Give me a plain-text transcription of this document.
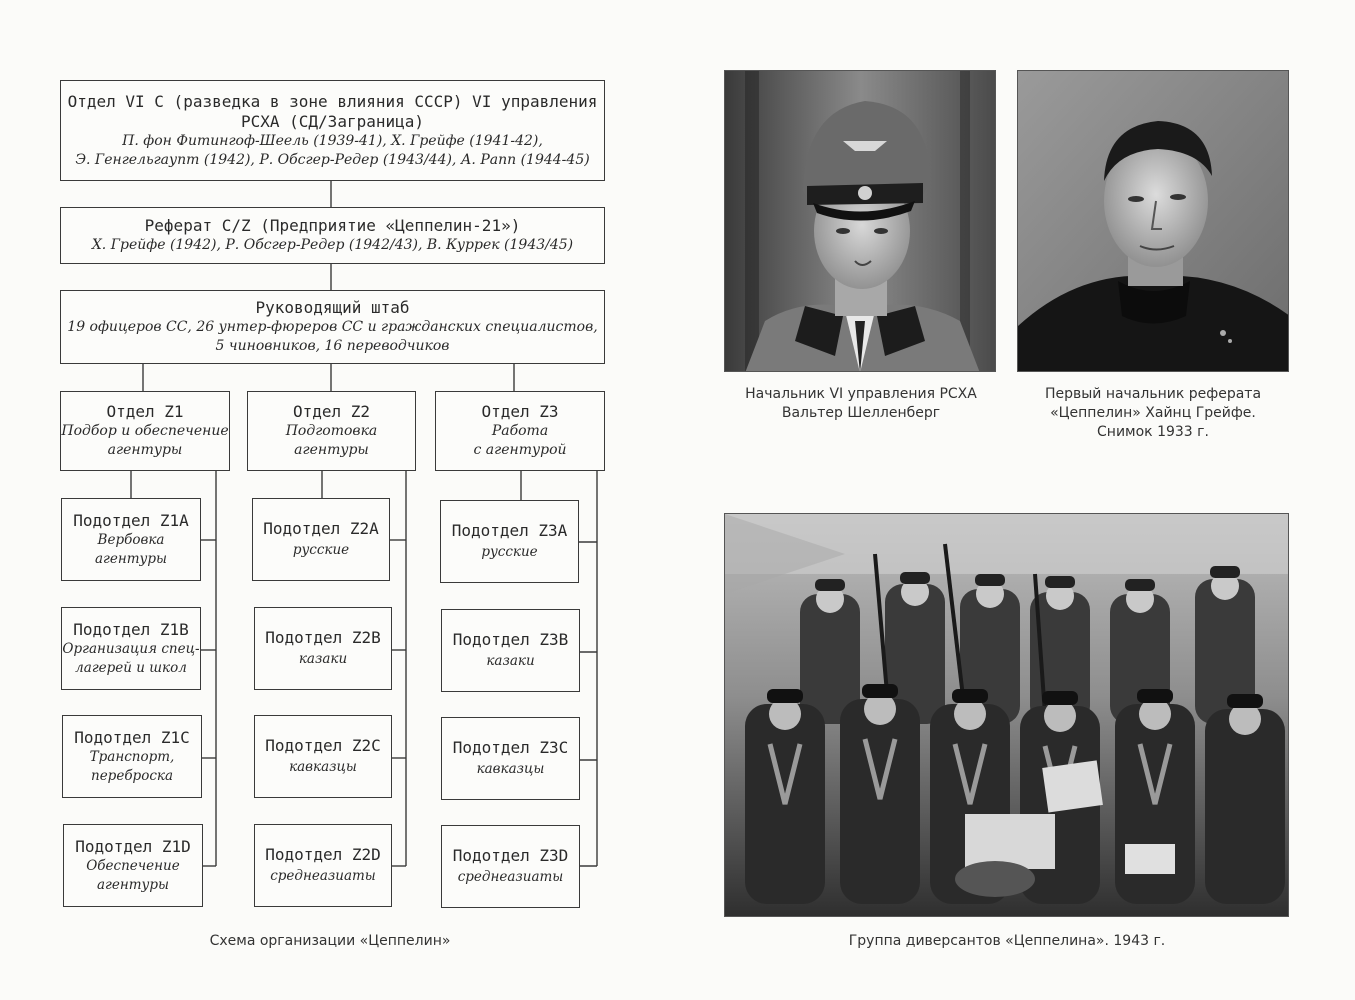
Отдел VI C (разведка в зоне влияния СССР) VI управления
РСХА (СД/Заграница)
П. фон Фитингоф-Шеель (1939-41), Х. Грейфе (1941-42),
Э. Генгельгаупт (1942), Р. Обсгер-Редер (1943/44), А. Рапп (1944-45)
Реферат C/Z (Предприятие «Цеппелин-21»)
Х. Грейфе (1942), Р. Обсгер-Редер (1942/43), В. Куррек (1943/45)
Руководящий штаб
19 офицеров СС, 26 унтер-фюреров СС и гражданских специалистов,
5 чиновников, 16 переводчиков
Отдел Z1
Подбор и обеспечение
агентуры
Отдел Z2
Подготовка
агентуры
Отдел Z3
Работа
с агентурой
Подотдел Z1A
Вербовка
агентуры
Подотдел Z1B
Организация спец-
лагерей и школ
Подотдел Z1C
Транспорт,
переброска
Подотдел Z1D
Обеспечение
агентуры
Подотдел Z2A
русские
Подотдел Z2B
казаки
Подотдел Z2C
кавказцы
Подотдел Z2D
среднеазиаты
Подотдел Z3A
русские
Подотдел Z3B
казаки
Подотдел Z3C
кавказцы
Подотдел Z3D
среднеазиаты
Схема организации «Цеппелин»
Начальник VI управления РСХА
Вальтер Шелленберг
Первый начальник реферата
«Цеппелин» Хайнц Грейфе.
Снимок 1933 г.
Группа диверсантов «Цеппелина». 1943 г.
